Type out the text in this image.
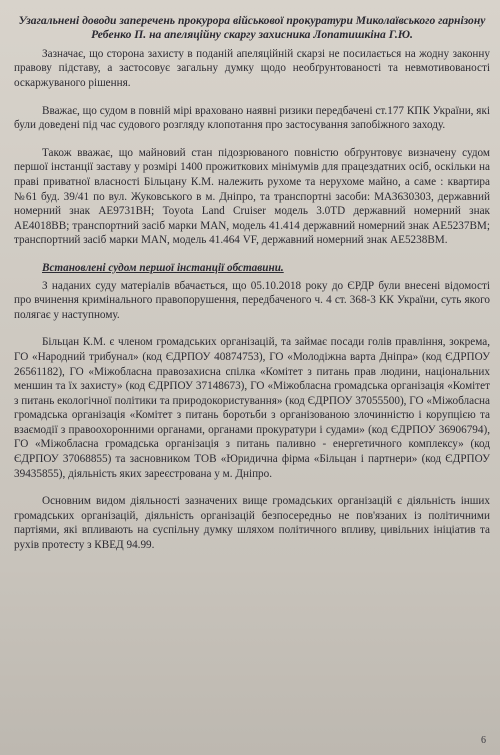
Узагальнені доводи заперечень прокурора військової прокуратури Миколаївського гарнізону Ребенко П. на апеляційну скаргу захисника Лопатишкіна Г.Ю.

Зазначає, що сторона захисту в поданій апеляційній скарзі не посилається на жодну законну правову підставу, а застосовує загальну думку щодо необґрунтованості та невмотивованості оскаржуваного рішення.

Вважає, що судом в повній мірі враховано наявні ризики передбачені ст.177 КПК України, які були доведені під час судового розгляду клопотання про застосування запобіжного заходу.

Також вважає, що майновий стан підозрюваного повністю обґрунтовує визначену судом першої інстанції заставу у розмірі 1400 прожиткових мінімумів для працездатних осіб, оскільки на праві приватної власності Більцану К.М. належить рухоме та нерухоме майно, а саме : квартира №61 буд. 39/41 по вул. Жуковського в м. Дніпро, та транспортні засоби: МАЗ630303, державний номерний знак АЕ9731ВН; Toyota Land Cruiser модель 3.0TD державний номерний знак АЕ4018ВВ; транспортний засіб марки MAN, модель 41.414 державний номерний знак АЕ5237ВМ; транспортний засіб марки MAN, модель 41.464 VF, державний номерний знак АЕ5238ВМ.

Встановлені судом першої інстанції обставини.

З наданих суду матеріалів вбачається, що 05.10.2018 року до ЄРДР були внесені відомості про вчинення кримінального правопорушення, передбаченого ч. 4 ст. 368-3 КК України, суть якого полягає у наступному.

Більцан К.М. є членом громадських організацій, та займає посади голів правління, зокрема, ГО «Народний трибунал» (код ЄДРПОУ 40874753), ГО «Молодіжна варта Дніпра» (код ЄДРПОУ 26561182), ГО «Міжобласна правозахисна спілка «Комітет з питань прав людини, національних меншин та їх захисту» (код ЄДРПОУ 37148673), ГО «Міжобласна громадська організація «Комітет з питань екологічної політики та природокористування» (код ЄДРПОУ 37055500), ГО «Міжобласна громадська організація «Комітет з питань боротьби з організованою злочинністю і корупцією та взаємодії з правоохоронними органами, органами прокуратури і судами» (код ЄДРПОУ 36906794), ГО «Міжобласна громадська організація з питань паливно - енергетичного комплексу» (код ЄДРПОУ 37068855) та засновником ТОВ «Юридична фірма «Більцан і партнери» (код ЄДРПОУ 39435855), діяльність яких зареєстрована у м. Дніпро.

Основним видом діяльності зазначених вище громадських організацій є діяльність інших громадських організацій, діяльність організацій безпосередньо не пов'язаних із політичними партіями, які впливають на суспільну думку шляхом політичного впливу, цивільних ініціатив та рухів протесту з КВЕД 94.99.

6
